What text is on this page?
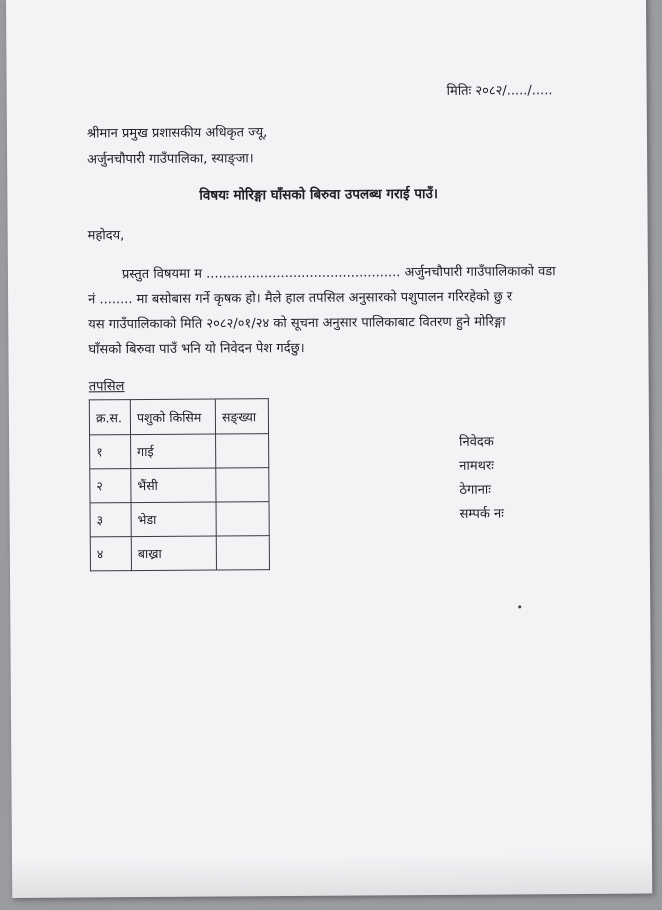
मितिः २०८२/...../.....
श्रीमान प्रमुख प्रशासकीय अधिकृत ज्यू,
अर्जुनचौपारी गाउँपालिका, स्याङ्जा।
विषयः मोरिङ्गा घाँसको बिरुवा उपलब्ध गराई पाउँ।
महोदय,
प्रस्तुत विषयमा म ............................................... अर्जुनचौपारी गाउँपालिकाको वडा
नं ........ मा बसोबास गर्ने कृषक हो। मैले हाल तपसिल अनुसारको पशुपालन गरिरहेको छु र
यस गाउँपालिकाको मिति २०८२/०१/२४ को सूचना अनुसार पालिकाबाट वितरण हुने मोरिङ्गा
घाँसको बिरुवा पाउँ भनि यो निवेदन पेश गर्दछु।
तपसिल
क्र.स.	पशुको किसिम	सङ्ख्या
१	गाई	
२	भैंसी	
३	भेडा	
४	बाख्रा	
निवेदक
नामथरः
ठेगानाः
सम्पर्क नः
